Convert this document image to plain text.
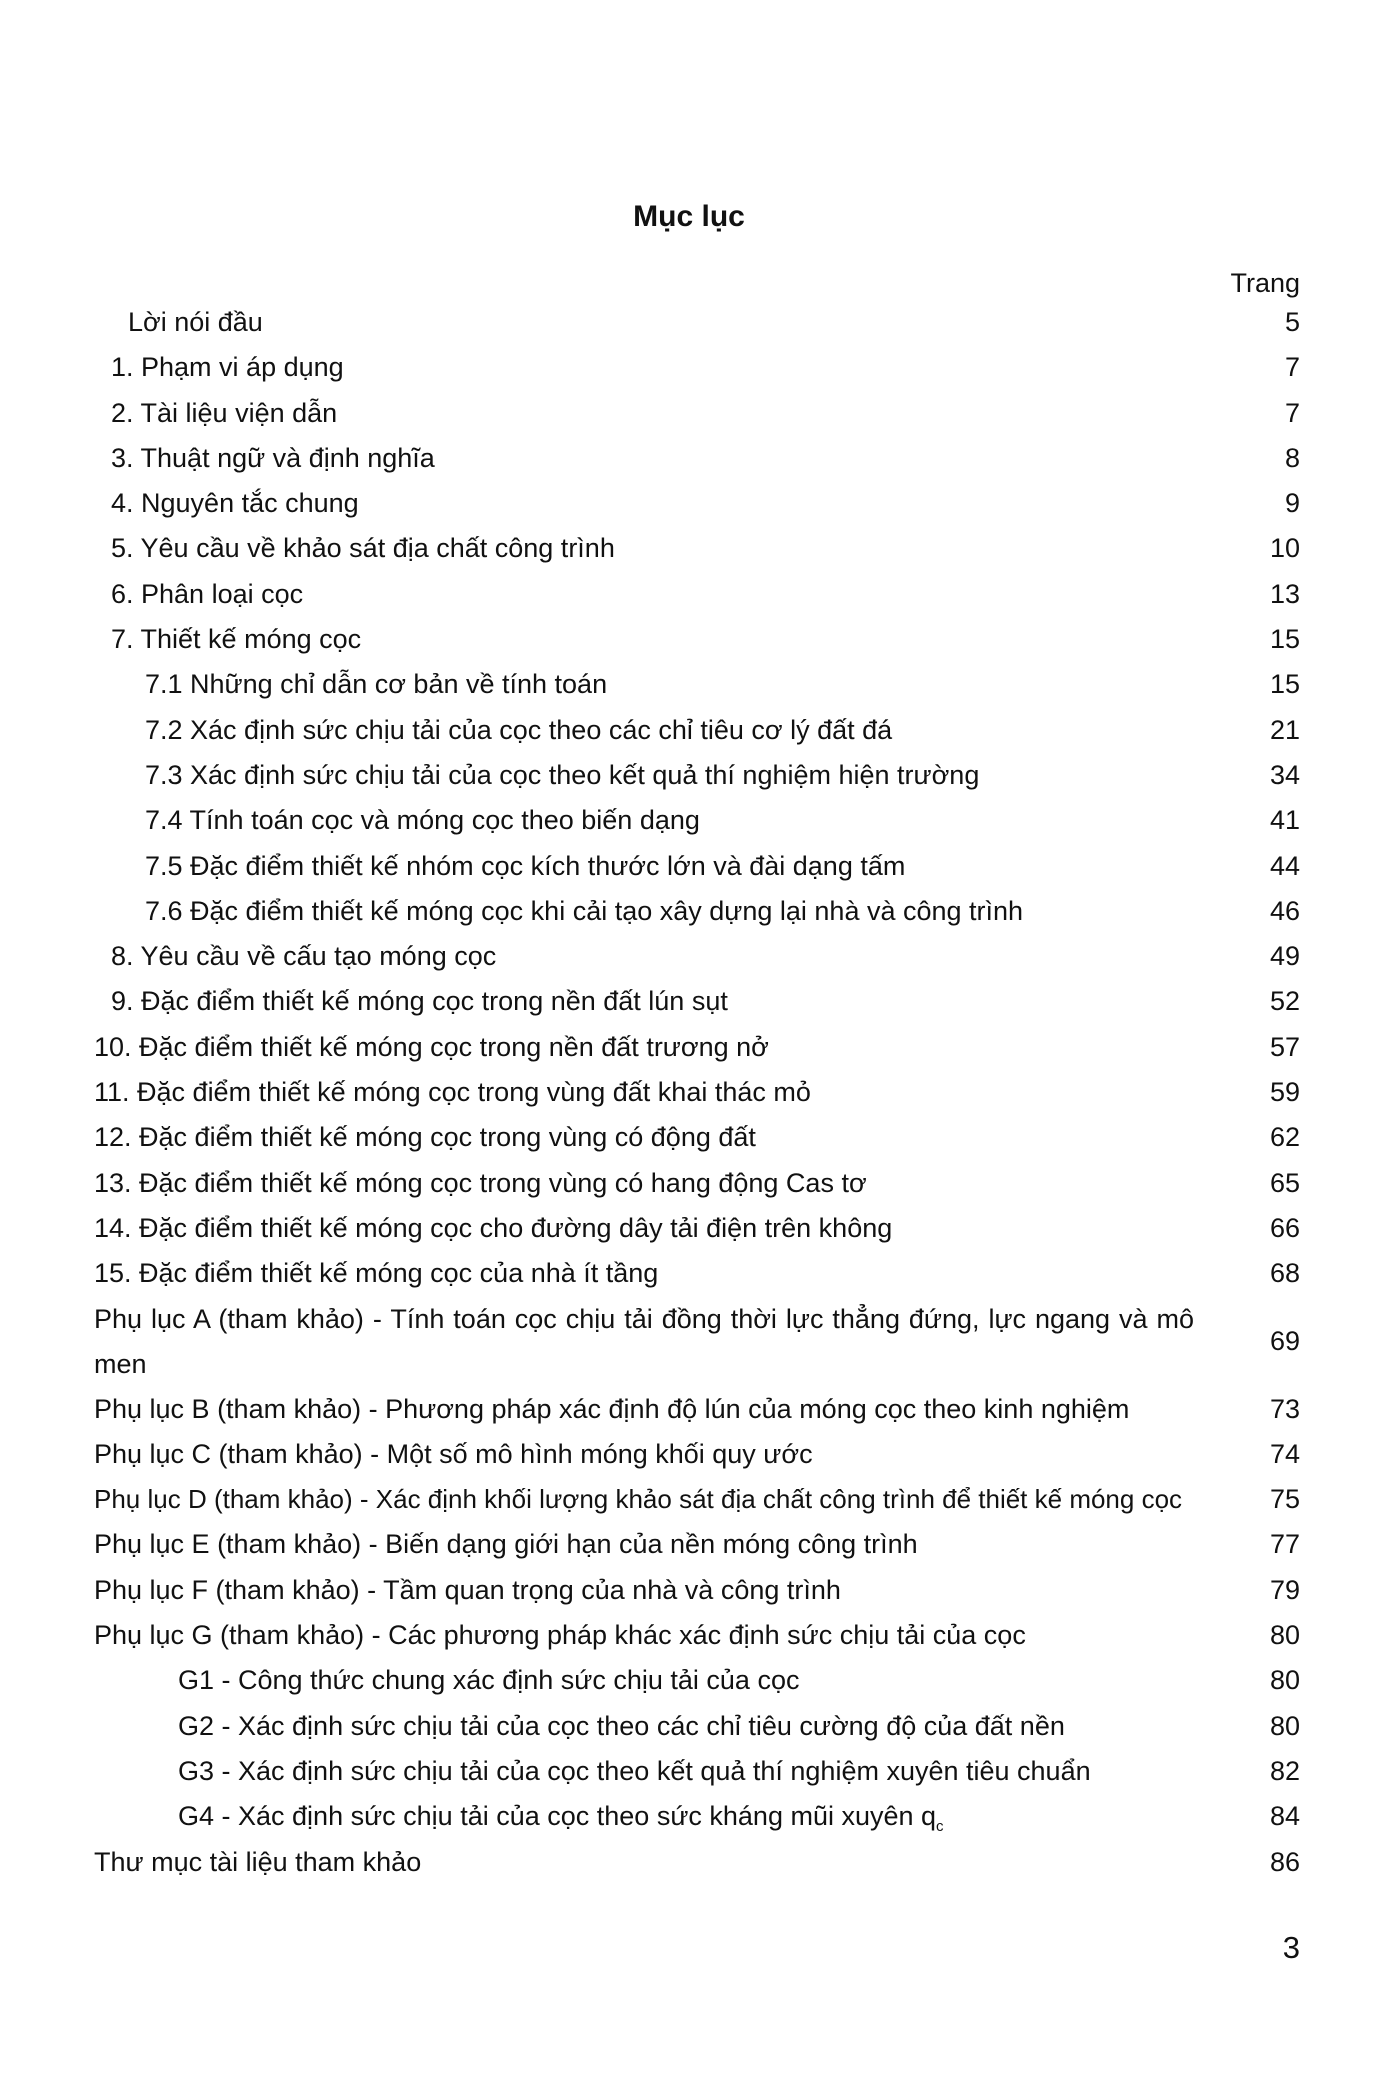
Mục lục
Trang
Lời nói đầu	5
1. Phạm vi áp dụng	7
2. Tài liệu viện dẫn	7
3. Thuật ngữ và định nghĩa	8
4. Nguyên tắc chung	9
5. Yêu cầu về khảo sát địa chất công trình	10
6. Phân loại cọc	13
7. Thiết kế móng cọc	15
7.1 Những chỉ dẫn cơ bản về tính toán	15
7.2 Xác định sức chịu tải của cọc theo các chỉ tiêu cơ lý đất đá	21
7.3 Xác định sức chịu tải của cọc theo kết quả thí nghiệm hiện trường	34
7.4 Tính toán cọc và móng cọc theo biến dạng	41
7.5 Đặc điểm thiết kế nhóm cọc kích thước lớn và đài dạng tấm	44
7.6 Đặc điểm thiết kế móng cọc khi cải tạo xây dựng lại nhà và công trình	46
8. Yêu cầu về cấu tạo móng cọc	49
9. Đặc điểm thiết kế móng cọc trong nền đất lún sụt	52
10. Đặc điểm thiết kế móng cọc trong nền đất trương nở	57
11. Đặc điểm thiết kế móng cọc trong vùng đất khai thác mỏ	59
12. Đặc điểm thiết kế móng cọc trong vùng có động đất	62
13. Đặc điểm thiết kế móng cọc trong vùng có hang động Cas tơ	65
14. Đặc điểm thiết kế móng cọc cho đường dây tải điện trên không	66
15. Đặc điểm thiết kế móng cọc của nhà ít tầng	68
Phụ lục A (tham khảo) - Tính toán cọc chịu tải đồng thời lực thẳng đứng, lực ngang và mô men
69
Phụ lục B (tham khảo) - Phương pháp xác định độ lún của móng cọc theo kinh nghiệm	73
Phụ lục C (tham khảo) - Một số mô hình móng khối quy ước	74
Phụ lục D (tham khảo) - Xác định khối lượng khảo sát địa chất công trình để thiết kế móng cọc	75
Phụ lục E (tham khảo) - Biến dạng giới hạn của nền móng công trình	77
Phụ lục F (tham khảo) - Tầm quan trọng của nhà và công trình	79
Phụ lục G (tham khảo) - Các phương pháp khác xác định sức chịu tải của cọc	80
G1 - Công thức chung xác định sức chịu tải của cọc	80
G2 - Xác định sức chịu tải của cọc theo các chỉ tiêu cường độ của đất nền	80
G3 - Xác định sức chịu tải của cọc theo kết quả thí nghiệm xuyên tiêu chuẩn	82
G4 - Xác định sức chịu tải của cọc theo sức kháng mũi xuyên $q_c$	84
Thư mục tài liệu tham khảo	86
3
